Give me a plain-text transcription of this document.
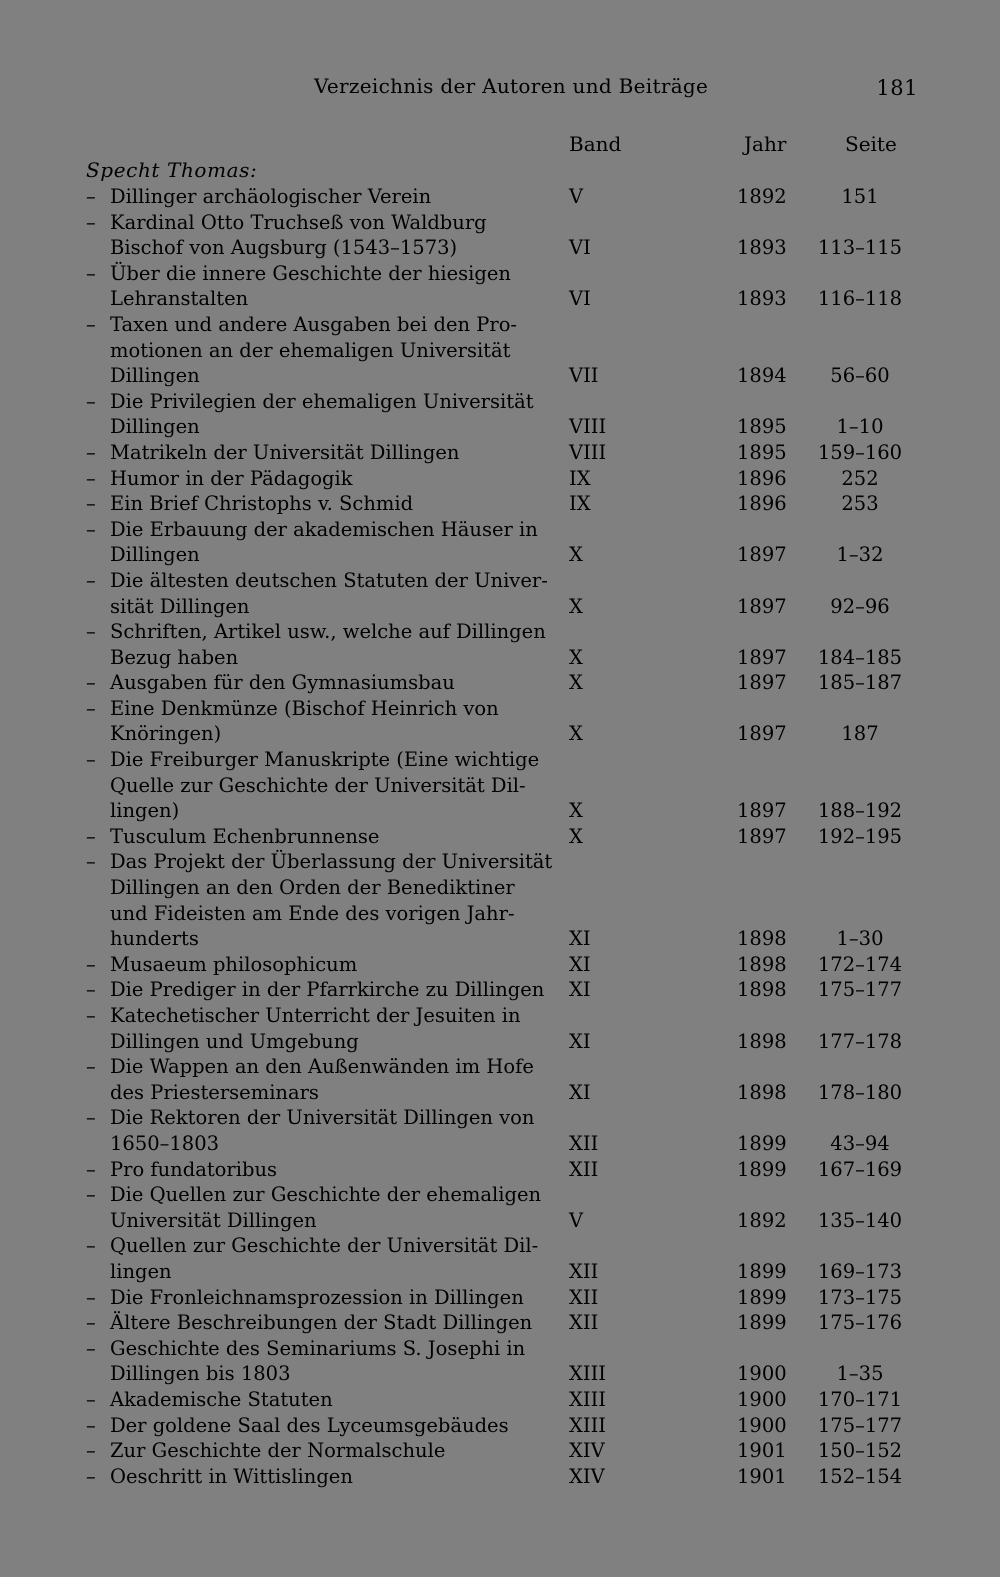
Verzeichnis der Autoren und Beiträge	181
Band	Jahr	Seite
Specht Thomas:
– Dillinger archäologischer Verein	V	1892	151
– Kardinal Otto Truchseß von Waldburg
Bischof von Augsburg (1543–1573)	VI	1893	113–115
– Über die innere Geschichte der hiesigen
Lehranstalten	VI	1893	116–118
– Taxen und andere Ausgaben bei den Pro-
motionen an der ehemaligen Universität
Dillingen	VII	1894	56–60
– Die Privilegien der ehemaligen Universität
Dillingen	VIII	1895	1–10
– Matrikeln der Universität Dillingen	VIII	1895	159–160
– Humor in der Pädagogik	IX	1896	252
– Ein Brief Christophs v. Schmid	IX	1896	253
– Die Erbauung der akademischen Häuser in
Dillingen	X	1897	1–32
– Die ältesten deutschen Statuten der Univer-
sität Dillingen	X	1897	92–96
– Schriften, Artikel usw., welche auf Dillingen
Bezug haben	X	1897	184–185
– Ausgaben für den Gymnasiumsbau	X	1897	185–187
– Eine Denkmünze (Bischof Heinrich von
Knöringen)	X	1897	187
– Die Freiburger Manuskripte (Eine wichtige
Quelle zur Geschichte der Universität Dil-
lingen)	X	1897	188–192
– Tusculum Echenbrunnense	X	1897	192–195
– Das Projekt der Überlassung der Universität
Dillingen an den Orden der Benediktiner
und Fideisten am Ende des vorigen Jahr-
hunderts	XI	1898	1–30
– Musaeum philosophicum	XI	1898	172–174
– Die Prediger in der Pfarrkirche zu Dillingen XI	1898	175–177
– Katechetischer Unterricht der Jesuiten in
Dillingen und Umgebung	XI	1898	177–178
– Die Wappen an den Außenwänden im Hofe
des Priesterseminars	XI	1898	178–180
– Die Rektoren der Universität Dillingen von
1650–1803	XII	1899	43–94
– Pro fundatoribus	XII	1899	167–169
– Die Quellen zur Geschichte der ehemaligen
Universität Dillingen	V	1892	135–140
– Quellen zur Geschichte der Universität Dil-
lingen	XII	1899	169–173
– Die Fronleichnamsprozession in Dillingen	XII	1899	173–175
– Ältere Beschreibungen der Stadt Dillingen	XII	1899	175–176
– Geschichte des Seminariums S. Josephi in
Dillingen bis 1803	XIII	1900	1–35
– Akademische Statuten	XIII	1900	170–171
– Der goldene Saal des Lyceumsgebäudes	XIII	1900	175–177
– Zur Geschichte der Normalschule	XIV	1901	150–152
– Oeschritt in Wittislingen	XIV	1901	152–154
